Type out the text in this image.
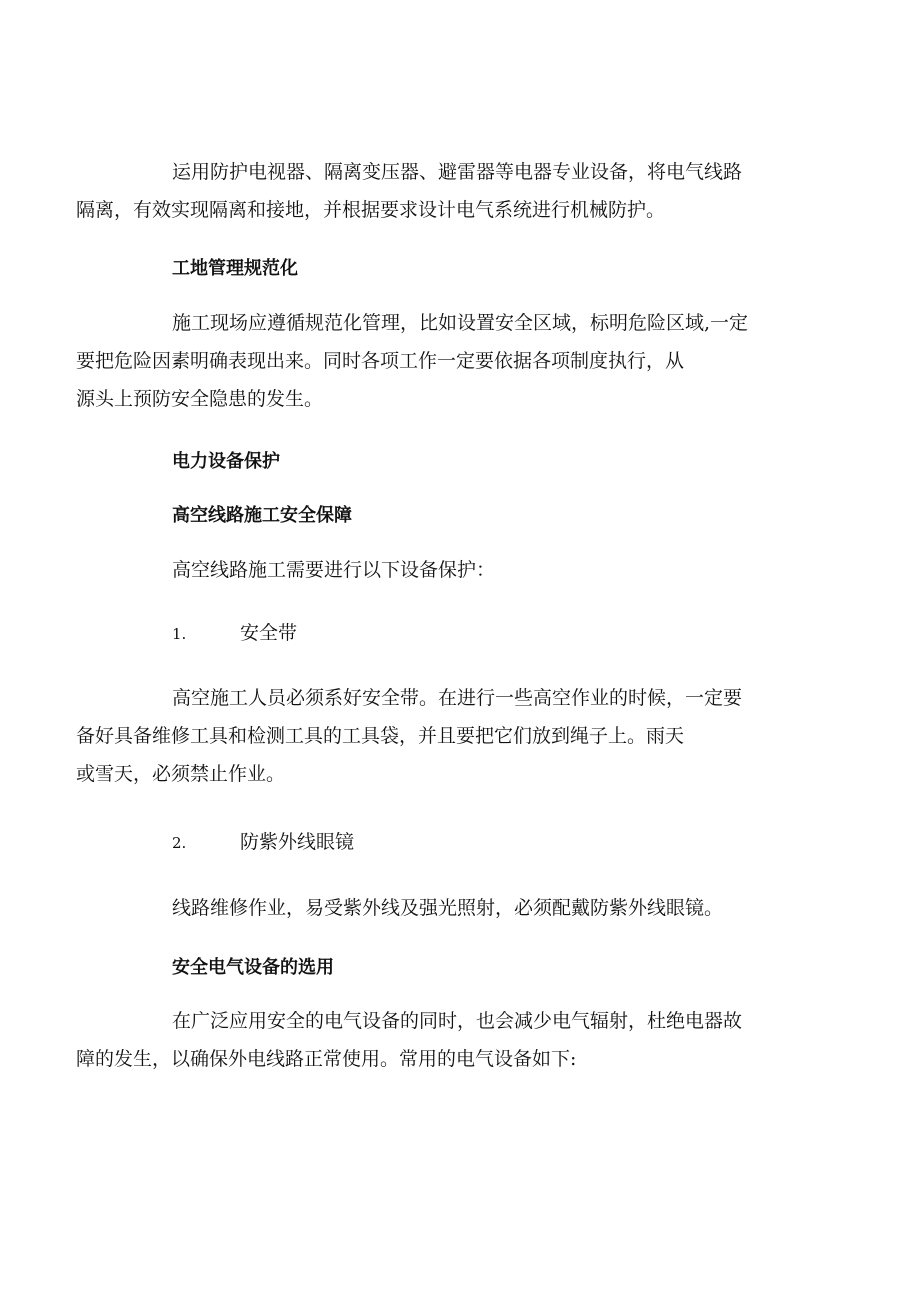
运用防护电视器、隔离变压器、避雷器等电器专业设备，将电气线路
隔离，有效实现隔离和接地，并根据要求设计电气系统进行机械防护。

工地管理规范化

施工现场应遵循规范化管理，比如设置安全区域，标明危险区域,一定
要把危险因素明确表现出来。同时各项工作一定要依据各项制度执行，从
源头上预防安全隐患的发生。

电力设备保护
高空线路施工安全保障

高空线路施工需要进行以下设备保护：

1.	安全带

高空施工人员必须系好安全带。在进行一些高空作业的时候，一定要
备好具备维修工具和检测工具的工具袋，并且要把它们放到绳子上。雨天
或雪天，必须禁止作业。

2.	防紫外线眼镜

线路维修作业，易受紫外线及强光照射，必须配戴防紫外线眼镜。

安全电气设备的选用

在广泛应用安全的电气设备的同时，也会减少电气辐射，杜绝电器故
障的发生，以确保外电线路正常使用。常用的电气设备如下:
